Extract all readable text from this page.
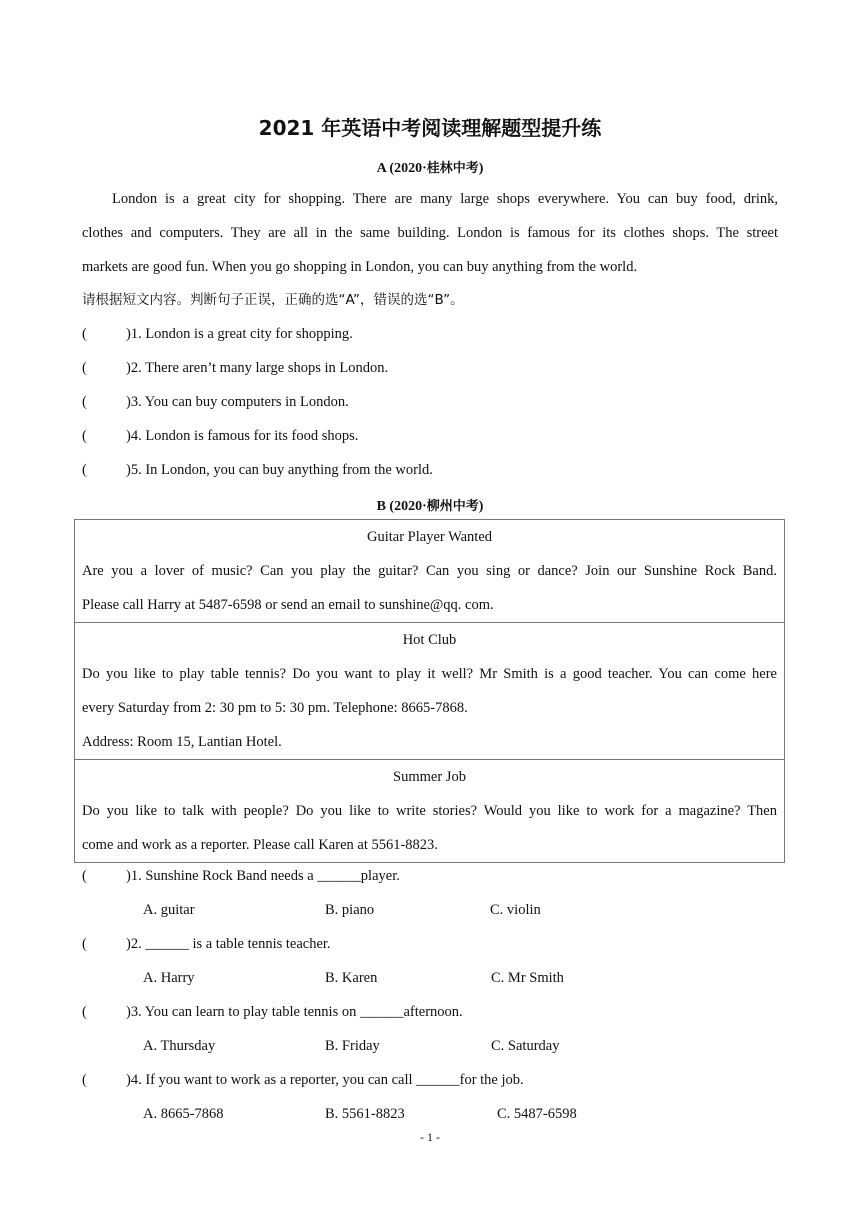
2021 年英语中考阅读理解题型提升练
A (2020·桂林中考)
London is a great city for shopping. There are many large shops everywhere. You can buy food, drink,
clothes and computers. They are all in the same building. London is famous for its clothes shops. The street
markets are good fun. When you go shopping in London, you can buy anything from the world.
请根据短文内容。判断句子正误，正确的选“A”，错误的选“B”。
(	)1. London is a great city for shopping.
(	)2. There aren’t many large shops in London.
(	)3. You can buy computers in London.
(	)4. London is famous for its food shops.
(	)5. In London, you can buy anything from the world.
B (2020·柳州中考)
Guitar Player Wanted
Are you a lover of music? Can you play the guitar? Can you sing or dance? Join our Sunshine Rock Band.
Please call Harry at 5487-6598 or send an email to sunshine@qq. com.
Hot Club
Do you like to play table tennis? Do you want to play it well? Mr Smith is a good teacher. You can come here
every Saturday from 2: 30 pm to 5: 30 pm. Telephone: 8665-7868.
Address: Room 15, Lantian Hotel.
Summer Job
Do you like to talk with people? Do you like to write stories? Would you like to work for a magazine? Then
come and work as a reporter. Please call Karen at 5561-8823.
(	)1. Sunshine Rock Band needs a ______player.
A. guitar	B. piano	C. violin
(	)2. ______ is a table tennis teacher.
A. Harry	B. Karen	C. Mr Smith
(	)3. You can learn to play table tennis on ______afternoon.
A. Thursday	B. Friday	C. Saturday
(	)4. If you want to work as a reporter, you can call ______for the job.
A. 8665-7868	B. 5561-8823	C. 5487-6598
- 1 -
